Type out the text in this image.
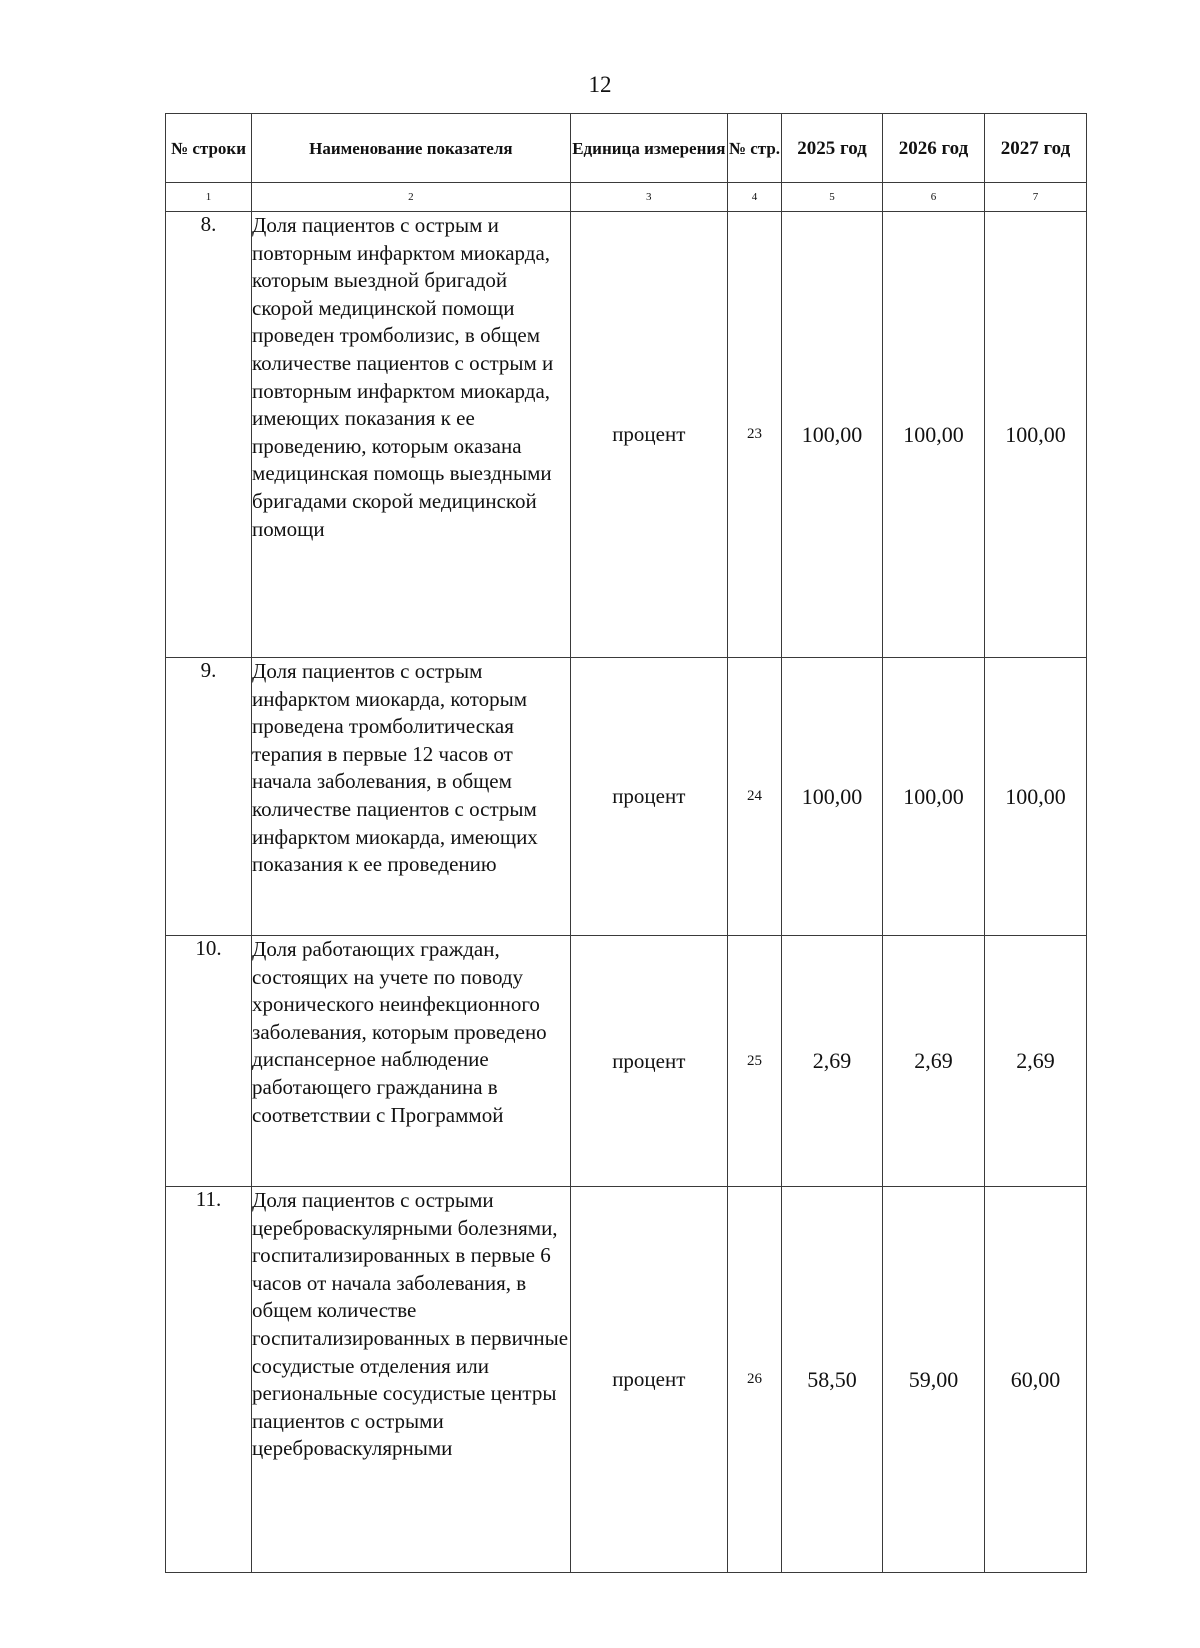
12
№ строки	Наименование показателя	Единица измерения	№ стр.	2025 год	2026 год	2027 год
1	2	3	4	5	6	7
8.	Доля пациентов с острым и повторным инфарктом миокарда, которым выездной бригадой скорой медицинской помощи проведен тромболизис, в общем количестве пациентов с острым и повторным инфарктом миокарда, имеющих показания к ее проведению, которым оказана медицинская помощь выездными бригадами скорой медицинской помощи	процент	23	100,00	100,00	100,00
9.	Доля пациентов с острым инфарктом миокарда, которым проведена тромболитическая терапия в первые 12 часов от начала заболевания, в общем количестве пациентов с острым инфарктом миокарда, имеющих показания к ее проведению	процент	24	100,00	100,00	100,00
10.	Доля работающих граждан, состоящих на учете по поводу хронического неинфекционного заболевания, которым проведено диспансерное наблюдение работающего гражданина в соответствии с Программой	процент	25	2,69	2,69	2,69
11.	Доля пациентов с острыми цереброваскулярными болезнями, госпитализированных в первые 6 часов от начала заболевания, в общем количестве госпитализированных в первичные сосудистые отделения или региональные сосудистые центры пациентов с острыми цереброваскулярными	процент	26	58,50	59,00	60,00
